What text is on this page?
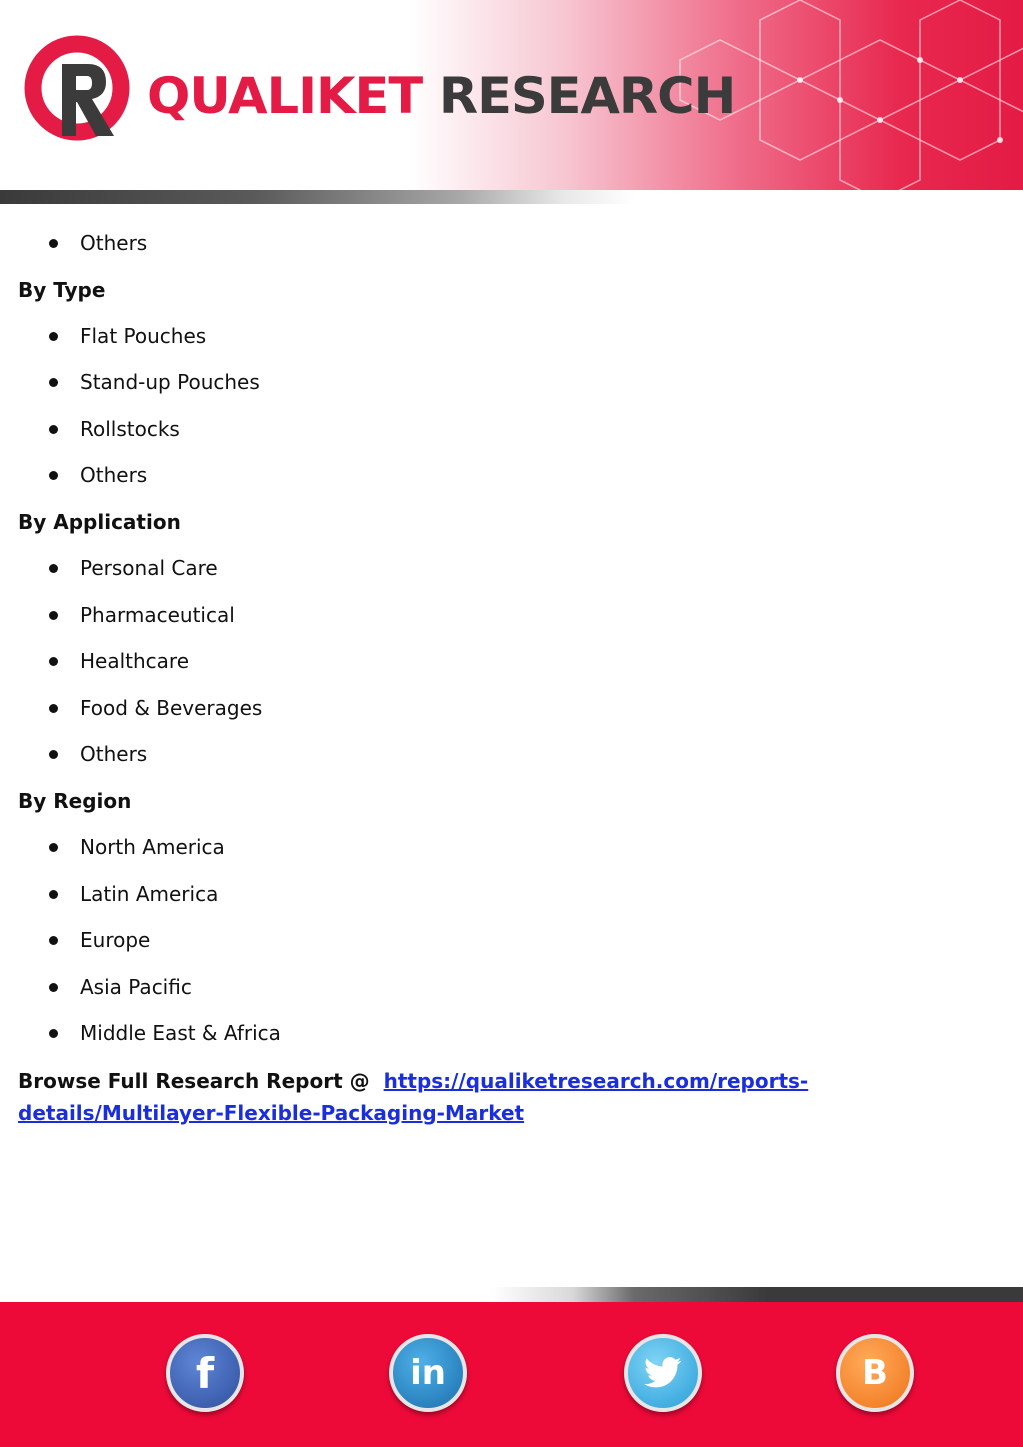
QUALIKET RESEARCH
Others
By Type
Flat Pouches
Stand-up Pouches
Rollstocks
Others
By Application
Personal Care
Pharmaceutical
Healthcare
Food & Beverages
Others
By Region
North America
Latin America
Europe
Asia Pacific
Middle East & Africa
Browse Full Research Report @ https://qualiketresearch.com/reports-details/Multilayer-Flexible-Packaging-Market
f	in	B
